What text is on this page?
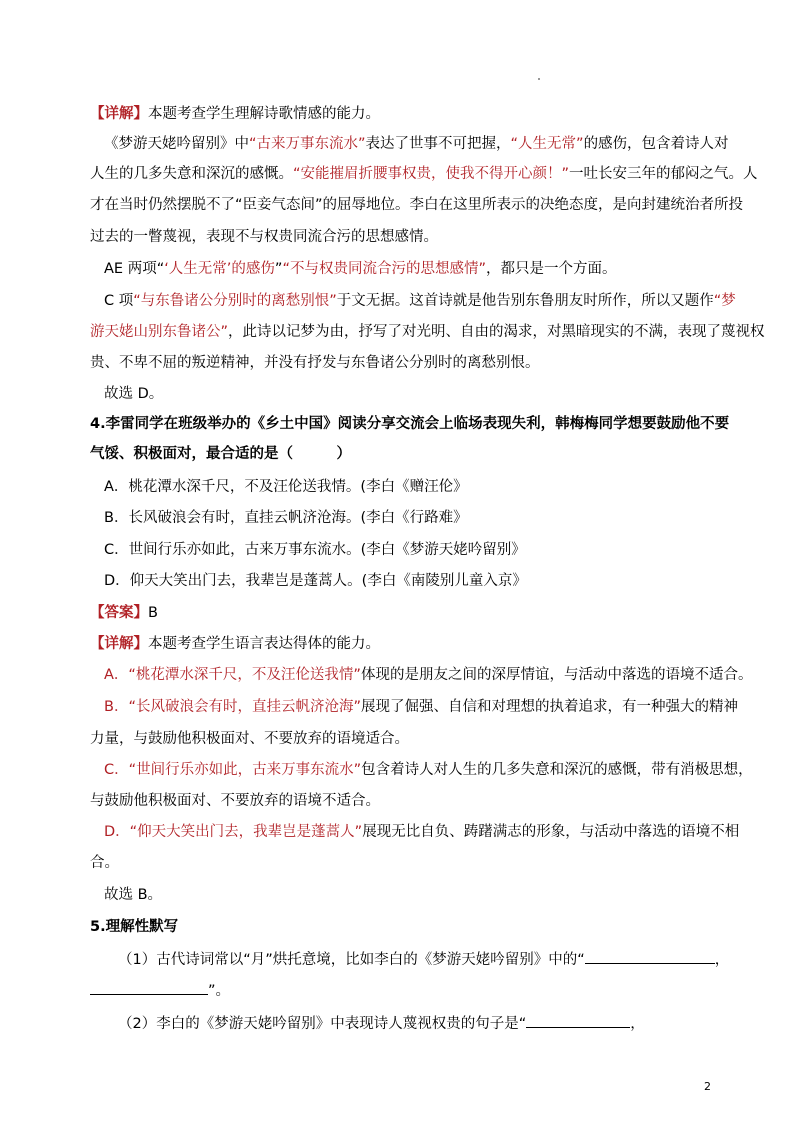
【详解】本题考查学生理解诗歌情感的能力。
《梦游天姥吟留别》中“古来万事东流水”表达了世事不可把握，“人生无常”的感伤，包含着诗人对
人生的几多失意和深沉的感慨。“安能摧眉折腰事权贵，使我不得开心颜！”一吐长安三年的郁闷之气。人
才在当时仍然摆脱不了“臣妾气态间”的屈辱地位。李白在这里所表示的决绝态度，是向封建统治者所投
过去的一瞥蔑视，表现不与权贵同流合污的思想感情。
AE 两项“‘人生无常’的感伤”“不与权贵同流合污的思想感情”，都只是一个方面。
C 项“与东鲁诸公分别时的离愁别恨”于文无据。这首诗就是他告别东鲁朋友时所作，所以又题作“梦
游天姥山别东鲁诸公”，此诗以记梦为由，抒写了对光明、自由的渴求，对黑暗现实的不满，表现了蔑视权
贵、不卑不屈的叛逆精神，并没有抒发与东鲁诸公分别时的离愁别恨。
故选 D。
4.李雷同学在班级举办的《乡土中国》阅读分享交流会上临场表现失利，韩梅梅同学想要鼓励他不要
气馁、积极面对，最合适的是（　　　）
A．桃花潭水深千尺，不及汪伦送我情。(李白《赠汪伦》
B．长风破浪会有时，直挂云帆济沧海。(李白《行路难》
C．世间行乐亦如此，古来万事东流水。(李白《梦游天姥吟留别》
D．仰天大笑出门去，我辈岂是蓬蒿人。(李白《南陵别儿童入京》
【答案】B
【详解】本题考查学生语言表达得体的能力。
A．“桃花潭水深千尺，不及汪伦送我情”体现的是朋友之间的深厚情谊，与活动中落选的语境不适合。
B．“长风破浪会有时，直挂云帆济沧海”展现了倔强、自信和对理想的执着追求，有一种强大的精神
力量，与鼓励他积极面对、不要放弃的语境适合。
C．“世间行乐亦如此，古来万事东流水”包含着诗人对人生的几多失意和深沉的感慨，带有消极思想，
与鼓励他积极面对、不要放弃的语境不适合。
D．“仰天大笑出门去，我辈岂是蓬蒿人”展现无比自负、踌躇满志的形象，与活动中落选的语境不相
合。
故选 B。
5.理解性默写
（1）古代诗词常以“月”烘托意境，比如李白的《梦游天姥吟留别》中的“	，
”。
（2）李白的《梦游天姥吟留别》中表现诗人蔑视权贵的句子是“	，
2
